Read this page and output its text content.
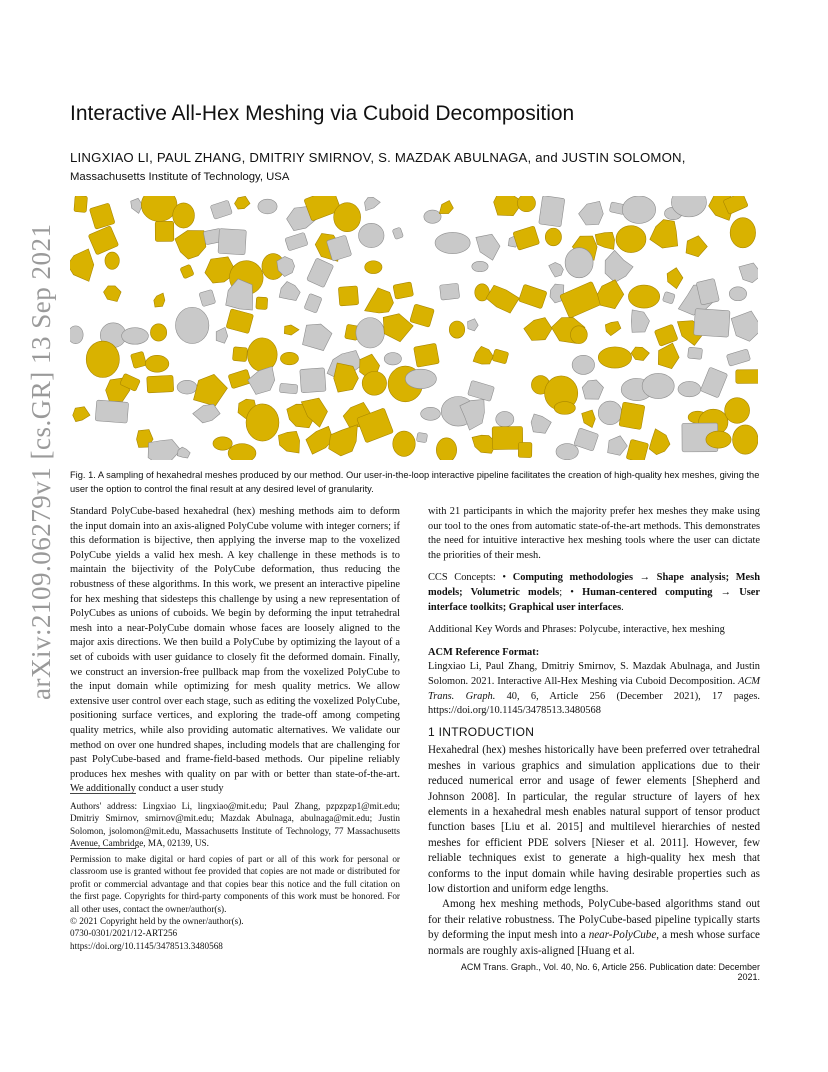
arXiv:2109.06279v1 [cs.GR] 13 Sep 2021
Interactive All-Hex Meshing via Cuboid Decomposition
LINGXIAO LI, PAUL ZHANG, DMITRIY SMIRNOV, S. MAZDAK ABULNAGA, and JUSTIN SOLOMON,
Massachusetts Institute of Technology, USA
Fig. 1. A sampling of hexahedral meshes produced by our method. Our user-in-the-loop interactive pipeline facilitates the creation of high-quality hex meshes, giving the user the option to control the final result at any desired level of granularity.

Standard PolyCube-based hexahedral (hex) meshing methods aim to deform the input domain into an axis-aligned PolyCube volume with integer corners; if this deformation is bijective, then applying the inverse map to the voxelized PolyCube yields a valid hex mesh. A key challenge in these methods is to maintain the bijectivity of the PolyCube deformation, thus reducing the robustness of these algorithms. In this work, we present an interactive pipeline for hex meshing that sidesteps this challenge by using a new representation of PolyCubes as unions of cuboids. We begin by deforming the input tetrahedral mesh into a near-PolyCube domain whose faces are loosely aligned to the major axis directions. We then build a PolyCube by optimizing the layout of a set of cuboids with user guidance to closely fit the deformed domain. Finally, we construct an inversion-free pullback map from the voxelized PolyCube to the input domain while optimizing for mesh quality metrics. We allow extensive user control over each stage, such as editing the voxelized PolyCube, positioning surface vertices, and exploring the trade-off among competing quality metrics, while also providing automatic alternatives. We validate our method on over one hundred shapes, including models that are challenging for past PolyCube-based and frame-field-based methods. Our pipeline reliably produces hex meshes with quality on par with or better than state-of-the-art. We additionally conduct a user study

Authors' address: Lingxiao Li, lingxiao@mit.edu; Paul Zhang, pzpzpzp1@mit.edu; Dmitriy Smirnov, smirnov@mit.edu; Mazdak Abulnaga, abulnaga@mit.edu; Justin Solomon, jsolomon@mit.edu, Massachusetts Institute of Technology, 77 Massachusetts Avenue, Cambridge, MA, 02139, US.
Permission to make digital or hard copies of part or all of this work for personal or classroom use is granted without fee provided that copies are not made or distributed for profit or commercial advantage and that copies bear this notice and the full citation on the first page. Copyrights for third-party components of this work must be honored. For all other uses, contact the owner/author(s).
© 2021 Copyright held by the owner/author(s).
0730-0301/2021/12-ART256
https://doi.org/10.1145/3478513.3480568

with 21 participants in which the majority prefer hex meshes they make using our tool to the ones from automatic state-of-the-art methods. This demonstrates the need for intuitive interactive hex meshing tools where the user can dictate the priorities of their mesh.

CCS Concepts: • Computing methodologies → Shape analysis; Mesh models; Volumetric models; • Human-centered computing → User interface toolkits; Graphical user interfaces.

Additional Key Words and Phrases: Polycube, interactive, hex meshing

ACM Reference Format:

Lingxiao Li, Paul Zhang, Dmitriy Smirnov, S. Mazdak Abulnaga, and Justin Solomon. 2021. Interactive All-Hex Meshing via Cuboid Decomposition. ACM Trans. Graph. 40, 6, Article 256 (December 2021), 17 pages. https://doi.org/10.1145/3478513.3480568

1 INTRODUCTION

Hexahedral (hex) meshes historically have been preferred over tetrahedral meshes in various graphics and simulation applications due to their reduced numerical error and usage of fewer elements [Shepherd and Johnson 2008]. In particular, the regular structure of layers of hex elements in a hexahedral mesh enables natural support of tensor product function bases [Liu et al. 2015] and multilevel hierarchies of nested meshes for efficient PDE solvers [Nieser et al. 2011]. However, few reliable techniques exist to generate a high-quality hex mesh that conforms to the input domain while having desirable properties such as low distortion and uniform edge lengths.

Among hex meshing methods, PolyCube-based algorithms stand out for their relative robustness. The PolyCube-based pipeline typically starts by deforming the input mesh into a near-PolyCube, a mesh whose surface normals are roughly axis-aligned [Huang et al.

ACM Trans. Graph., Vol. 40, No. 6, Article 256. Publication date: December 2021.
